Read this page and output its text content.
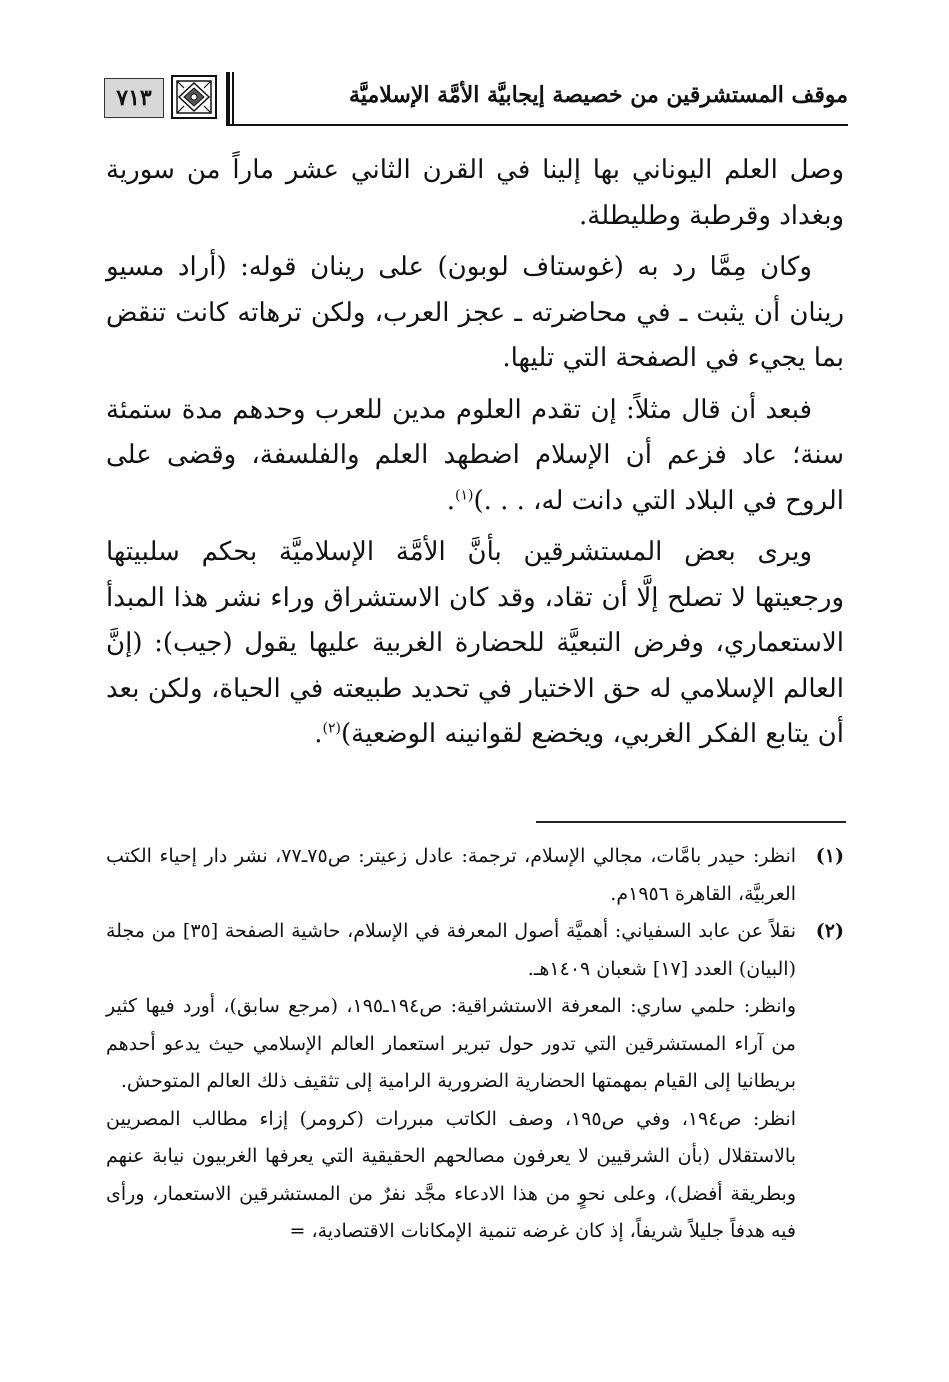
٧١٣	موقف المستشرقين من خصيصة إيجابيَّة الأمَّة الإسلاميَّة

وصل العلم اليوناني بها إلينا في القرن الثاني عشر ماراً من سورية وبغداد وقرطبة وطليطلة.

وكان مِمَّا رد به (غوستاف لوبون) على رينان قوله: (أراد مسيو رينان أن يثبت ـ في محاضرته ـ عجز العرب، ولكن ترهاته كانت تنقض بما يجيء في الصفحة التي تليها.

فبعد أن قال مثلاً: إن تقدم العلوم مدين للعرب وحدهم مدة ستمئة سنة؛ عاد فزعم أن الإسلام اضطهد العلم والفلسفة، وقضى على الروح في البلاد التي دانت له، . . .)$^{(١)}$.

ويرى بعض المستشرقين بأنَّ الأمَّة الإسلاميَّة بحكم سلبيتها ورجعيتها لا تصلح إلَّا أن تقاد، وقد كان الاستشراق وراء نشر هذا المبدأ الاستعماري، وفرض التبعيَّة للحضارة الغربية عليها يقول (جيب): (إنَّ العالم الإسلامي له حق الاختيار في تحديد طبيعته في الحياة، ولكن بعد أن يتابع الفكر الغربي، ويخضع لقوانينه الوضعية)$^{(٢)}$.

(١)
انظر: حيدر بامَّات، مجالي الإسلام، ترجمة: عادل زعيتر: ص٧٥ـ٧٧، نشر دار إحياء الكتب العربيَّة، القاهرة ١٩٥٦م.
(٢)
نقلاً عن عابد السفياني: أهميَّة أصول المعرفة في الإسلام، حاشية الصفحة [٣٥] من مجلة (البيان) العدد [١٧] شعبان ١٤٠٩هـ.

وانظر: حلمي ساري: المعرفة الاستشراقية: ص١٩٤ـ١٩٥، (مرجع سابق)، أورد فيها كثير من آراء المستشرقين التي تدور حول تبرير استعمار العالم الإسلامي حيث يدعو أحدهم بريطانيا إلى القيام بمهمتها الحضارية الضرورية الرامية إلى تثقيف ذلك العالم المتوحش.

انظر: ص١٩٤، وفي ص١٩٥، وصف الكاتب مبررات (كرومر) إزاء مطالب المصريين بالاستقلال (بأن الشرقيين لا يعرفون مصالحهم الحقيقية التي يعرفها الغربيون نيابة عنهم وبطريقة أفضل)، وعلى نحوٍ من هذا الادعاء مجَّد نفرٌ من المستشرقين الاستعمار، ورأى فيه هدفاً جليلاً شريفاً، إذ كان غرضه تنمية الإمكانات الاقتصادية، =
